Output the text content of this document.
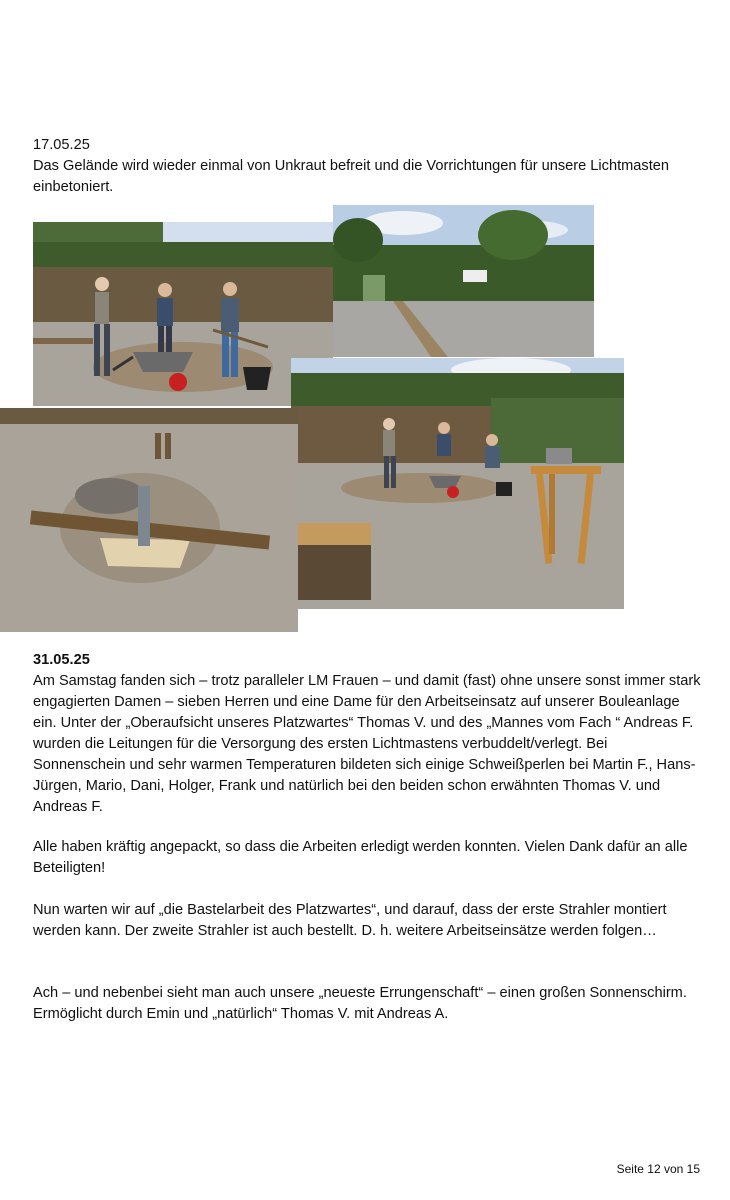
17.05.25
Das Gelände wird wieder einmal von Unkraut befreit und die Vorrichtungen für unsere Lichtmasten einbetoniert.
31.05.25
Am Samstag fanden sich – trotz paralleler LM Frauen – und damit (fast) ohne unsere sonst immer stark engagierten Damen – sieben Herren und eine Dame für den Arbeitseinsatz auf unserer Bouleanlage ein. Unter der „Oberaufsicht unseres Platzwartes“ Thomas V. und des „Mannes vom Fach “ Andreas F. wurden die Leitungen für die Versorgung des ersten Lichtmastens verbuddelt/verlegt. Bei Sonnenschein und sehr warmen Temperaturen bildeten sich einige Schweißperlen bei Martin F., Hans-Jürgen, Mario, Dani, Holger, Frank und natürlich bei den beiden schon erwähnten Thomas V. und Andreas F.
Alle haben kräftig angepackt, so dass die Arbeiten erledigt werden konnten. Vielen Dank dafür an alle Beteiligten!
Nun warten wir auf „die Bastelarbeit des Platzwartes“, und darauf, dass der erste Strahler montiert werden kann. Der zweite Strahler ist auch bestellt. D. h. weitere Arbeitseinsätze werden folgen…
Ach – und nebenbei sieht man auch unsere „neueste Errungenschaft“ – einen großen Sonnenschirm. Ermöglicht durch Emin und „natürlich“ Thomas V. mit Andreas A.
Seite 12 von 15
